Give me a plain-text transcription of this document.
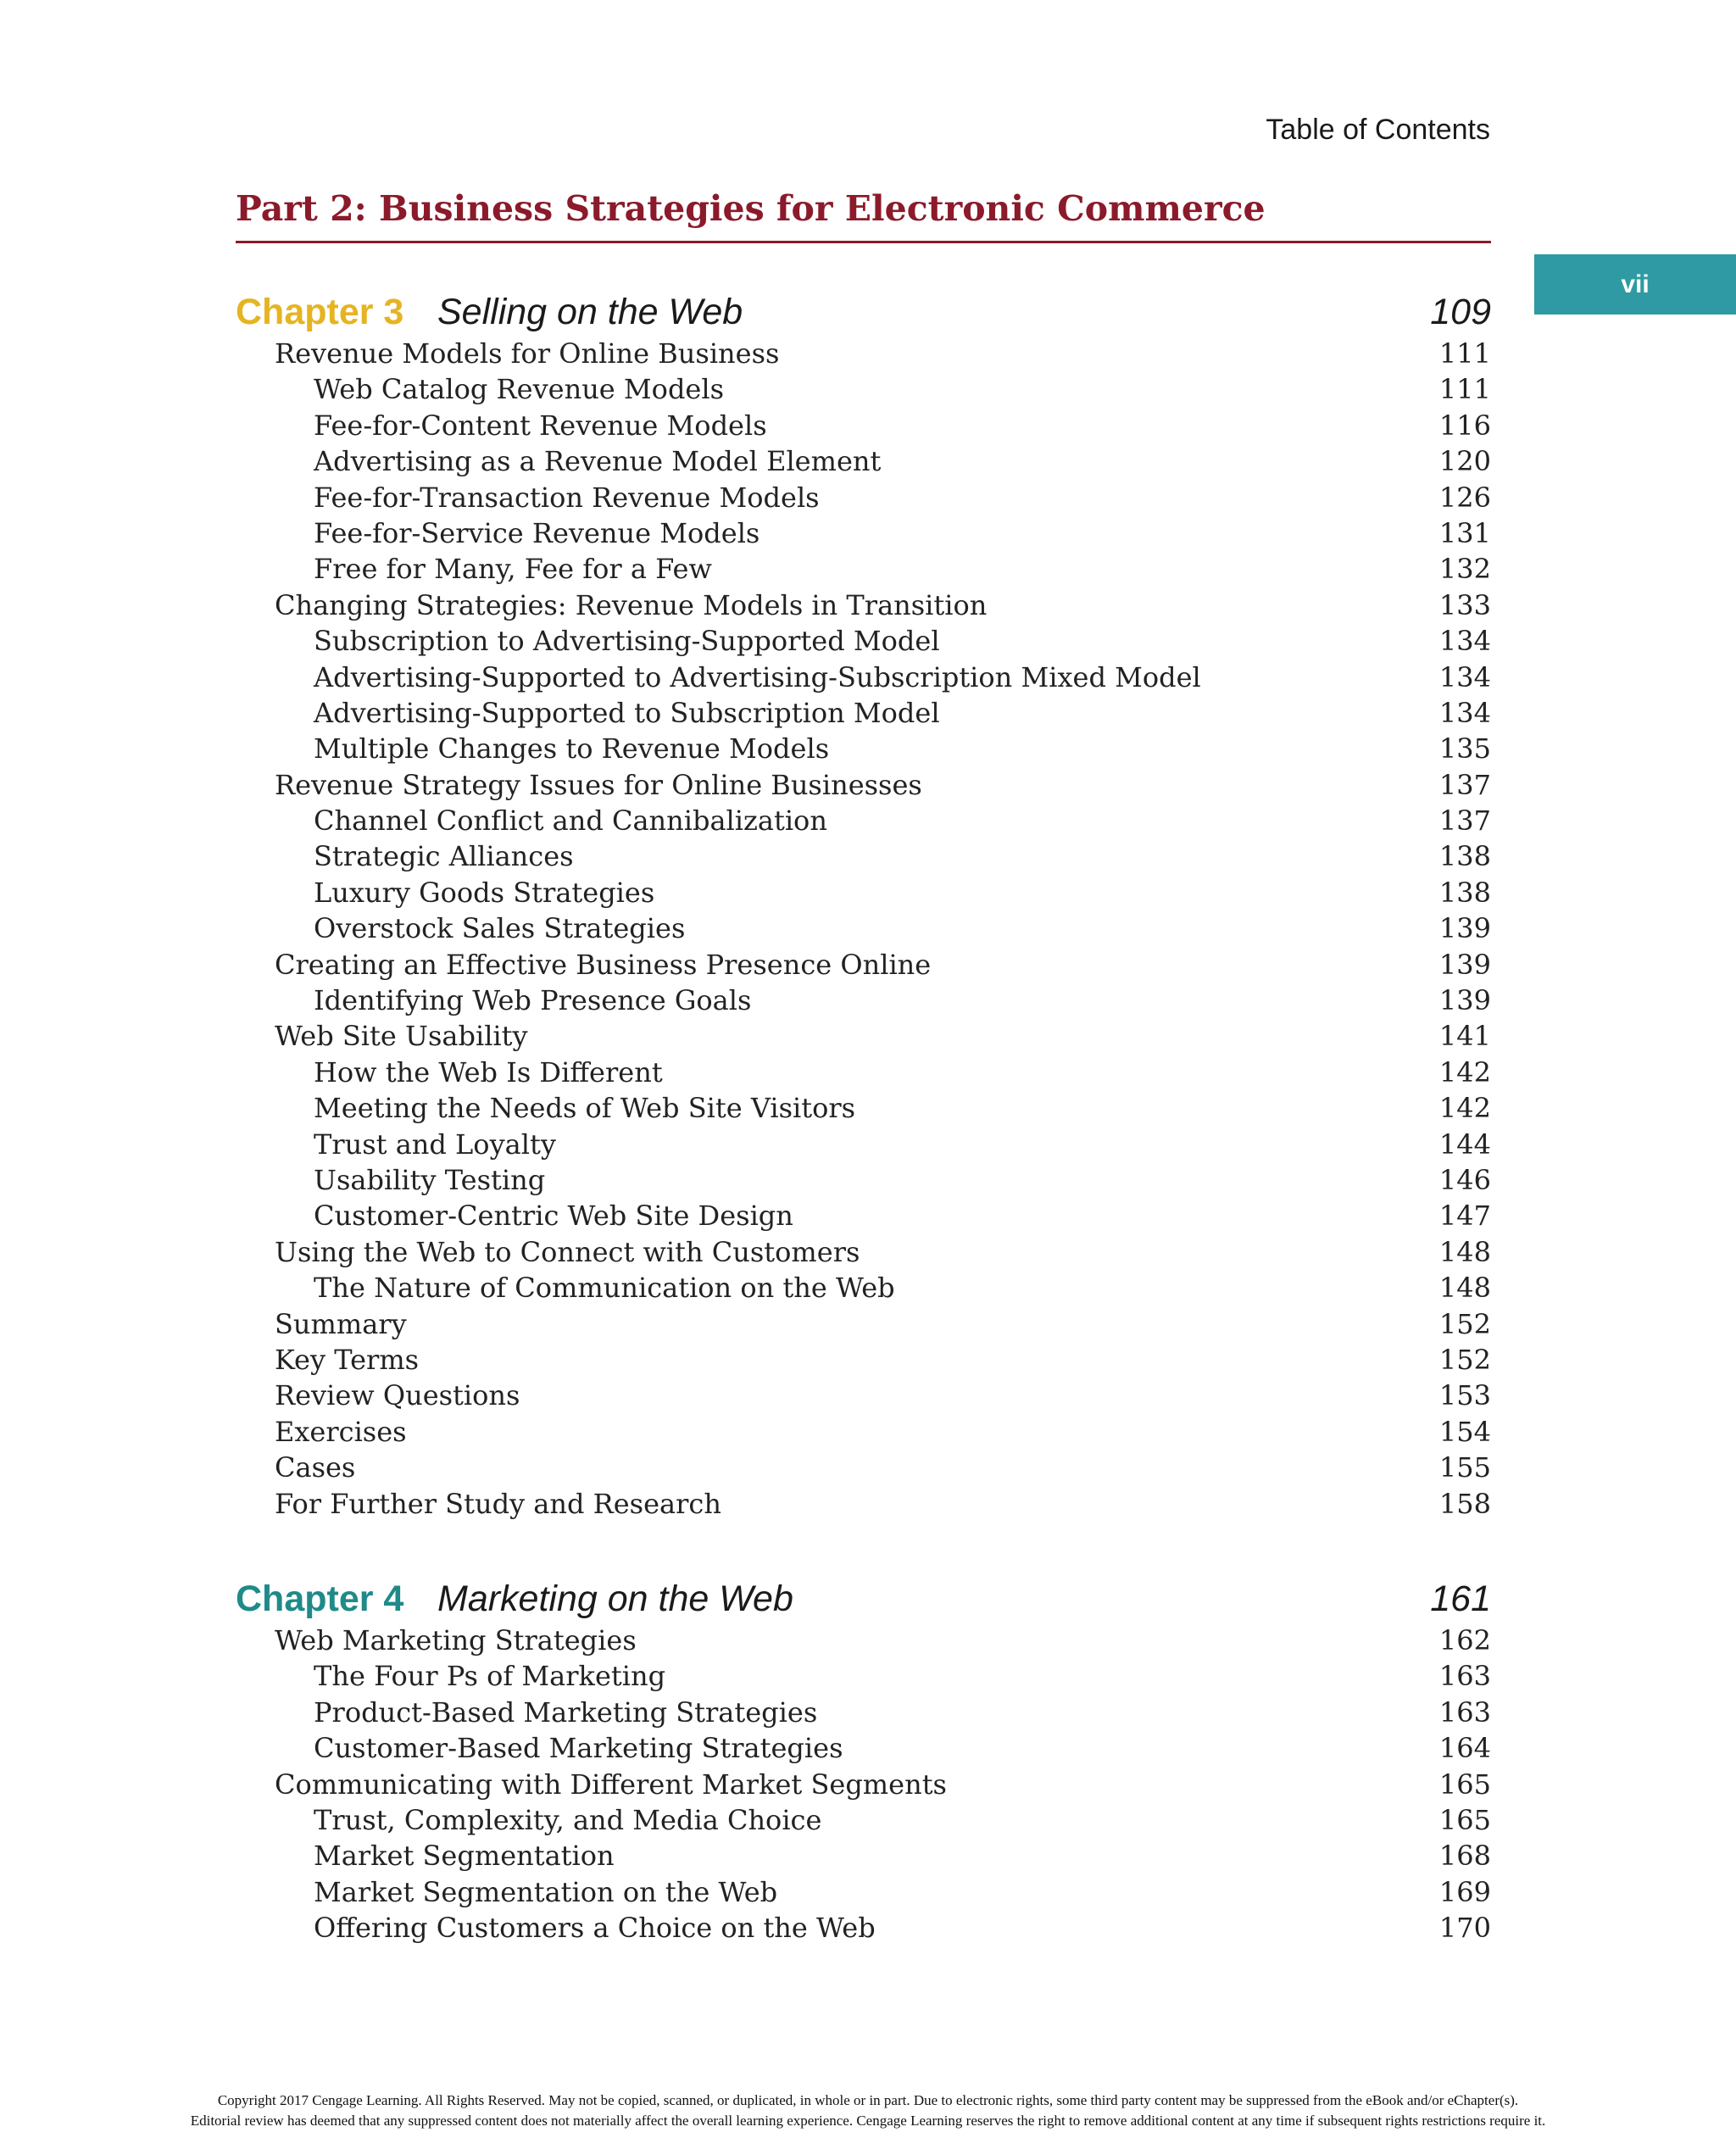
Table of Contents
Part 2: Business Strategies for Electronic Commerce
vii
Chapter 3 Selling on the Web	109
Revenue Models for Online Business	111
Web Catalog Revenue Models	111
Fee-for-Content Revenue Models	116
Advertising as a Revenue Model Element	120
Fee-for-Transaction Revenue Models	126
Fee-for-Service Revenue Models	131
Free for Many, Fee for a Few	132
Changing Strategies: Revenue Models in Transition	133
Subscription to Advertising-Supported Model	134
Advertising-Supported to Advertising-Subscription Mixed Model	134
Advertising-Supported to Subscription Model	134
Multiple Changes to Revenue Models	135
Revenue Strategy Issues for Online Businesses	137
Channel Conflict and Cannibalization	137
Strategic Alliances	138
Luxury Goods Strategies	138
Overstock Sales Strategies	139
Creating an Effective Business Presence Online	139
Identifying Web Presence Goals	139
Web Site Usability	141
How the Web Is Different	142
Meeting the Needs of Web Site Visitors	142
Trust and Loyalty	144
Usability Testing	146
Customer-Centric Web Site Design	147
Using the Web to Connect with Customers	148
The Nature of Communication on the Web	148
Summary	152
Key Terms	152
Review Questions	153
Exercises	154
Cases	155
For Further Study and Research	158
Chapter 4 Marketing on the Web	161
Web Marketing Strategies	162
The Four Ps of Marketing	163
Product-Based Marketing Strategies	163
Customer-Based Marketing Strategies	164
Communicating with Different Market Segments	165
Trust, Complexity, and Media Choice	165
Market Segmentation	168
Market Segmentation on the Web	169
Offering Customers a Choice on the Web	170
Copyright 2017 Cengage Learning. All Rights Reserved. May not be copied, scanned, or duplicated, in whole or in part. Due to electronic rights, some third party content may be suppressed from the eBook and/or eChapter(s).
Editorial review has deemed that any suppressed content does not materially affect the overall learning experience. Cengage Learning reserves the right to remove additional content at any time if subsequent rights restrictions require it.
